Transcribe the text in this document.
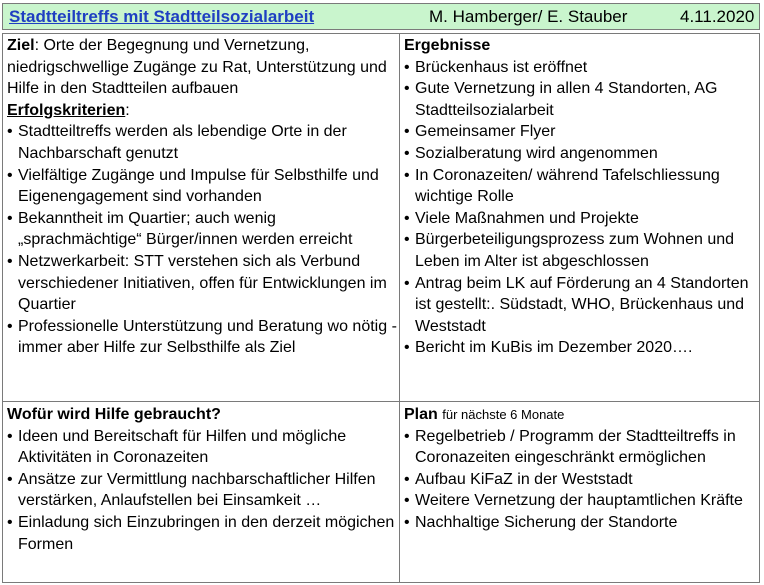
Stadtteiltreffs mit Stadtteilsozialarbeit	M. Hamberger/ E. Stauber	4.11.2020
Ziel: Orte der Begegnung und Vernetzung, niedrigschwellige Zugänge zu Rat, Unterstützung und Hilfe in den Stadtteilen aufbauen
Erfolgskriterien:
• Stadtteiltreffs werden als lebendige Orte in der Nachbarschaft genutzt
• Vielfältige Zugänge und Impulse für Selbsthilfe und Eigenengagement sind vorhanden
• Bekanntheit im Quartier; auch wenig „sprachmächtige“ Bürger/innen werden erreicht
• Netzwerkarbeit: STT verstehen sich als Verbund verschiedener Initiativen, offen für Entwicklungen im Quartier
• Professionelle Unterstützung und Beratung wo nötig - immer aber Hilfe zur Selbsthilfe als Ziel
Ergebnisse
• Brückenhaus ist eröffnet
• Gute Vernetzung in allen 4 Standorten, AG Stadtteilsozialarbeit
• Gemeinsamer Flyer
• Sozialberatung wird angenommen
• In Coronazeiten/ während Tafelschliessung wichtige Rolle
• Viele Maßnahmen und Projekte
• Bürgerbeteiligungsprozess zum Wohnen und Leben im Alter ist abgeschlossen
• Antrag beim LK auf Förderung an 4 Standorten ist gestellt:. Südstadt, WHO, Brückenhaus und Weststadt
• Bericht im KuBis im Dezember 2020….
Wofür wird Hilfe gebraucht?
• Ideen und Bereitschaft für Hilfen und mögliche Aktivitäten in Coronazeiten
• Ansätze zur Vermittlung nachbarschaftlicher Hilfen verstärken, Anlaufstellen bei Einsamkeit …
• Einladung sich Einzubringen in den derzeit mögichen Formen
Plan für nächste 6 Monate
• Regelbetrieb / Programm der Stadtteiltreffs in Coronazeiten eingeschränkt ermöglichen
• Aufbau KiFaZ in der Weststadt
• Weitere Vernetzung der hauptamtlichen Kräfte
• Nachhaltige Sicherung der Standorte
